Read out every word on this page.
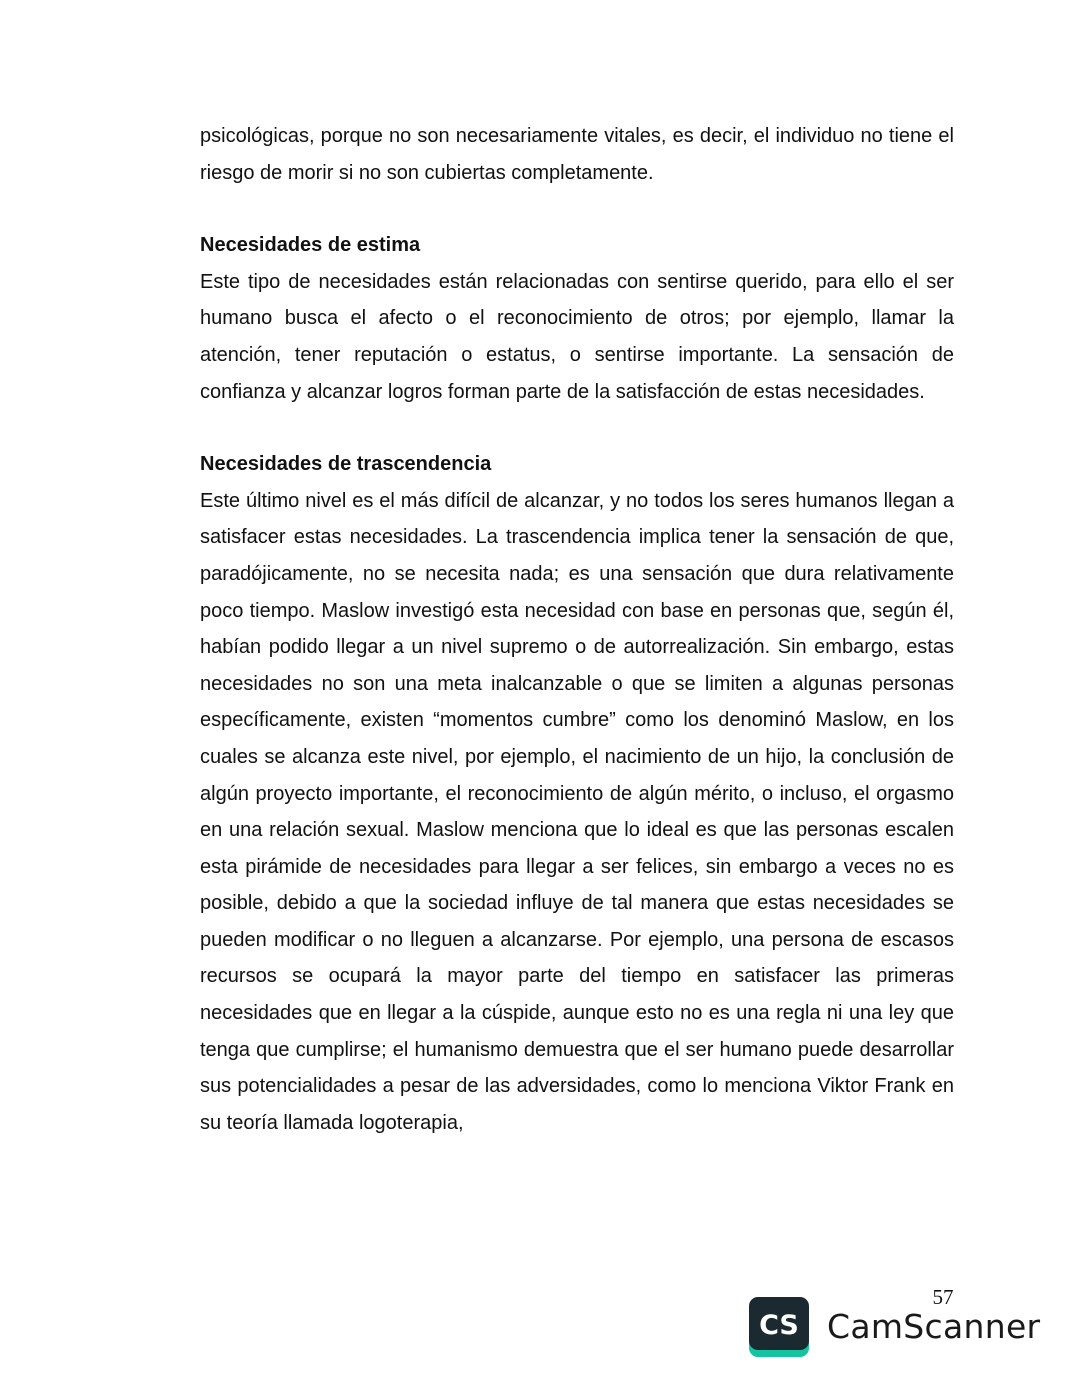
psicológicas, porque no son necesariamente vitales, es decir, el individuo no tiene el riesgo de morir si no son cubiertas completamente.

Necesidades de estima

Este tipo de necesidades están relacionadas con sentirse querido, para ello el ser humano busca el afecto o el reconocimiento de otros; por ejemplo, llamar la atención, tener reputación o estatus, o sentirse importante. La sensación de confianza y alcanzar logros forman parte de la satisfacción de estas necesidades.

Necesidades de trascendencia

Este último nivel es el más difícil de alcanzar, y no todos los seres humanos llegan a satisfacer estas necesidades. La trascendencia implica tener la sensación de que, paradójicamente, no se necesita nada; es una sensación que dura relativamente poco tiempo. Maslow investigó esta necesidad con base en personas que, según él, habían podido llegar a un nivel supremo o de autorrealización. Sin embargo, estas necesidades no son una meta inalcanzable o que se limiten a algunas personas específicamente, existen “momentos cumbre” como los denominó Maslow, en los cuales se alcanza este nivel, por ejemplo, el nacimiento de un hijo, la conclusión de algún proyecto importante, el reconocimiento de algún mérito, o incluso, el orgasmo en una relación sexual. Maslow menciona que lo ideal es que las personas escalen esta pirámide de necesidades para llegar a ser felices, sin embargo a veces no es posible, debido a que la sociedad influye de tal manera que estas necesidades se pueden modificar o no lleguen a alcanzarse. Por ejemplo, una persona de escasos recursos se ocupará la mayor parte del tiempo en satisfacer las primeras necesidades que en llegar a la cúspide, aunque esto no es una regla ni una ley que tenga que cumplirse; el humanismo demuestra que el ser humano puede desarrollar sus potencialidades a pesar de las adversidades, como lo menciona Viktor Frank en su teoría llamada logoterapia,

57
CS CamScanner
